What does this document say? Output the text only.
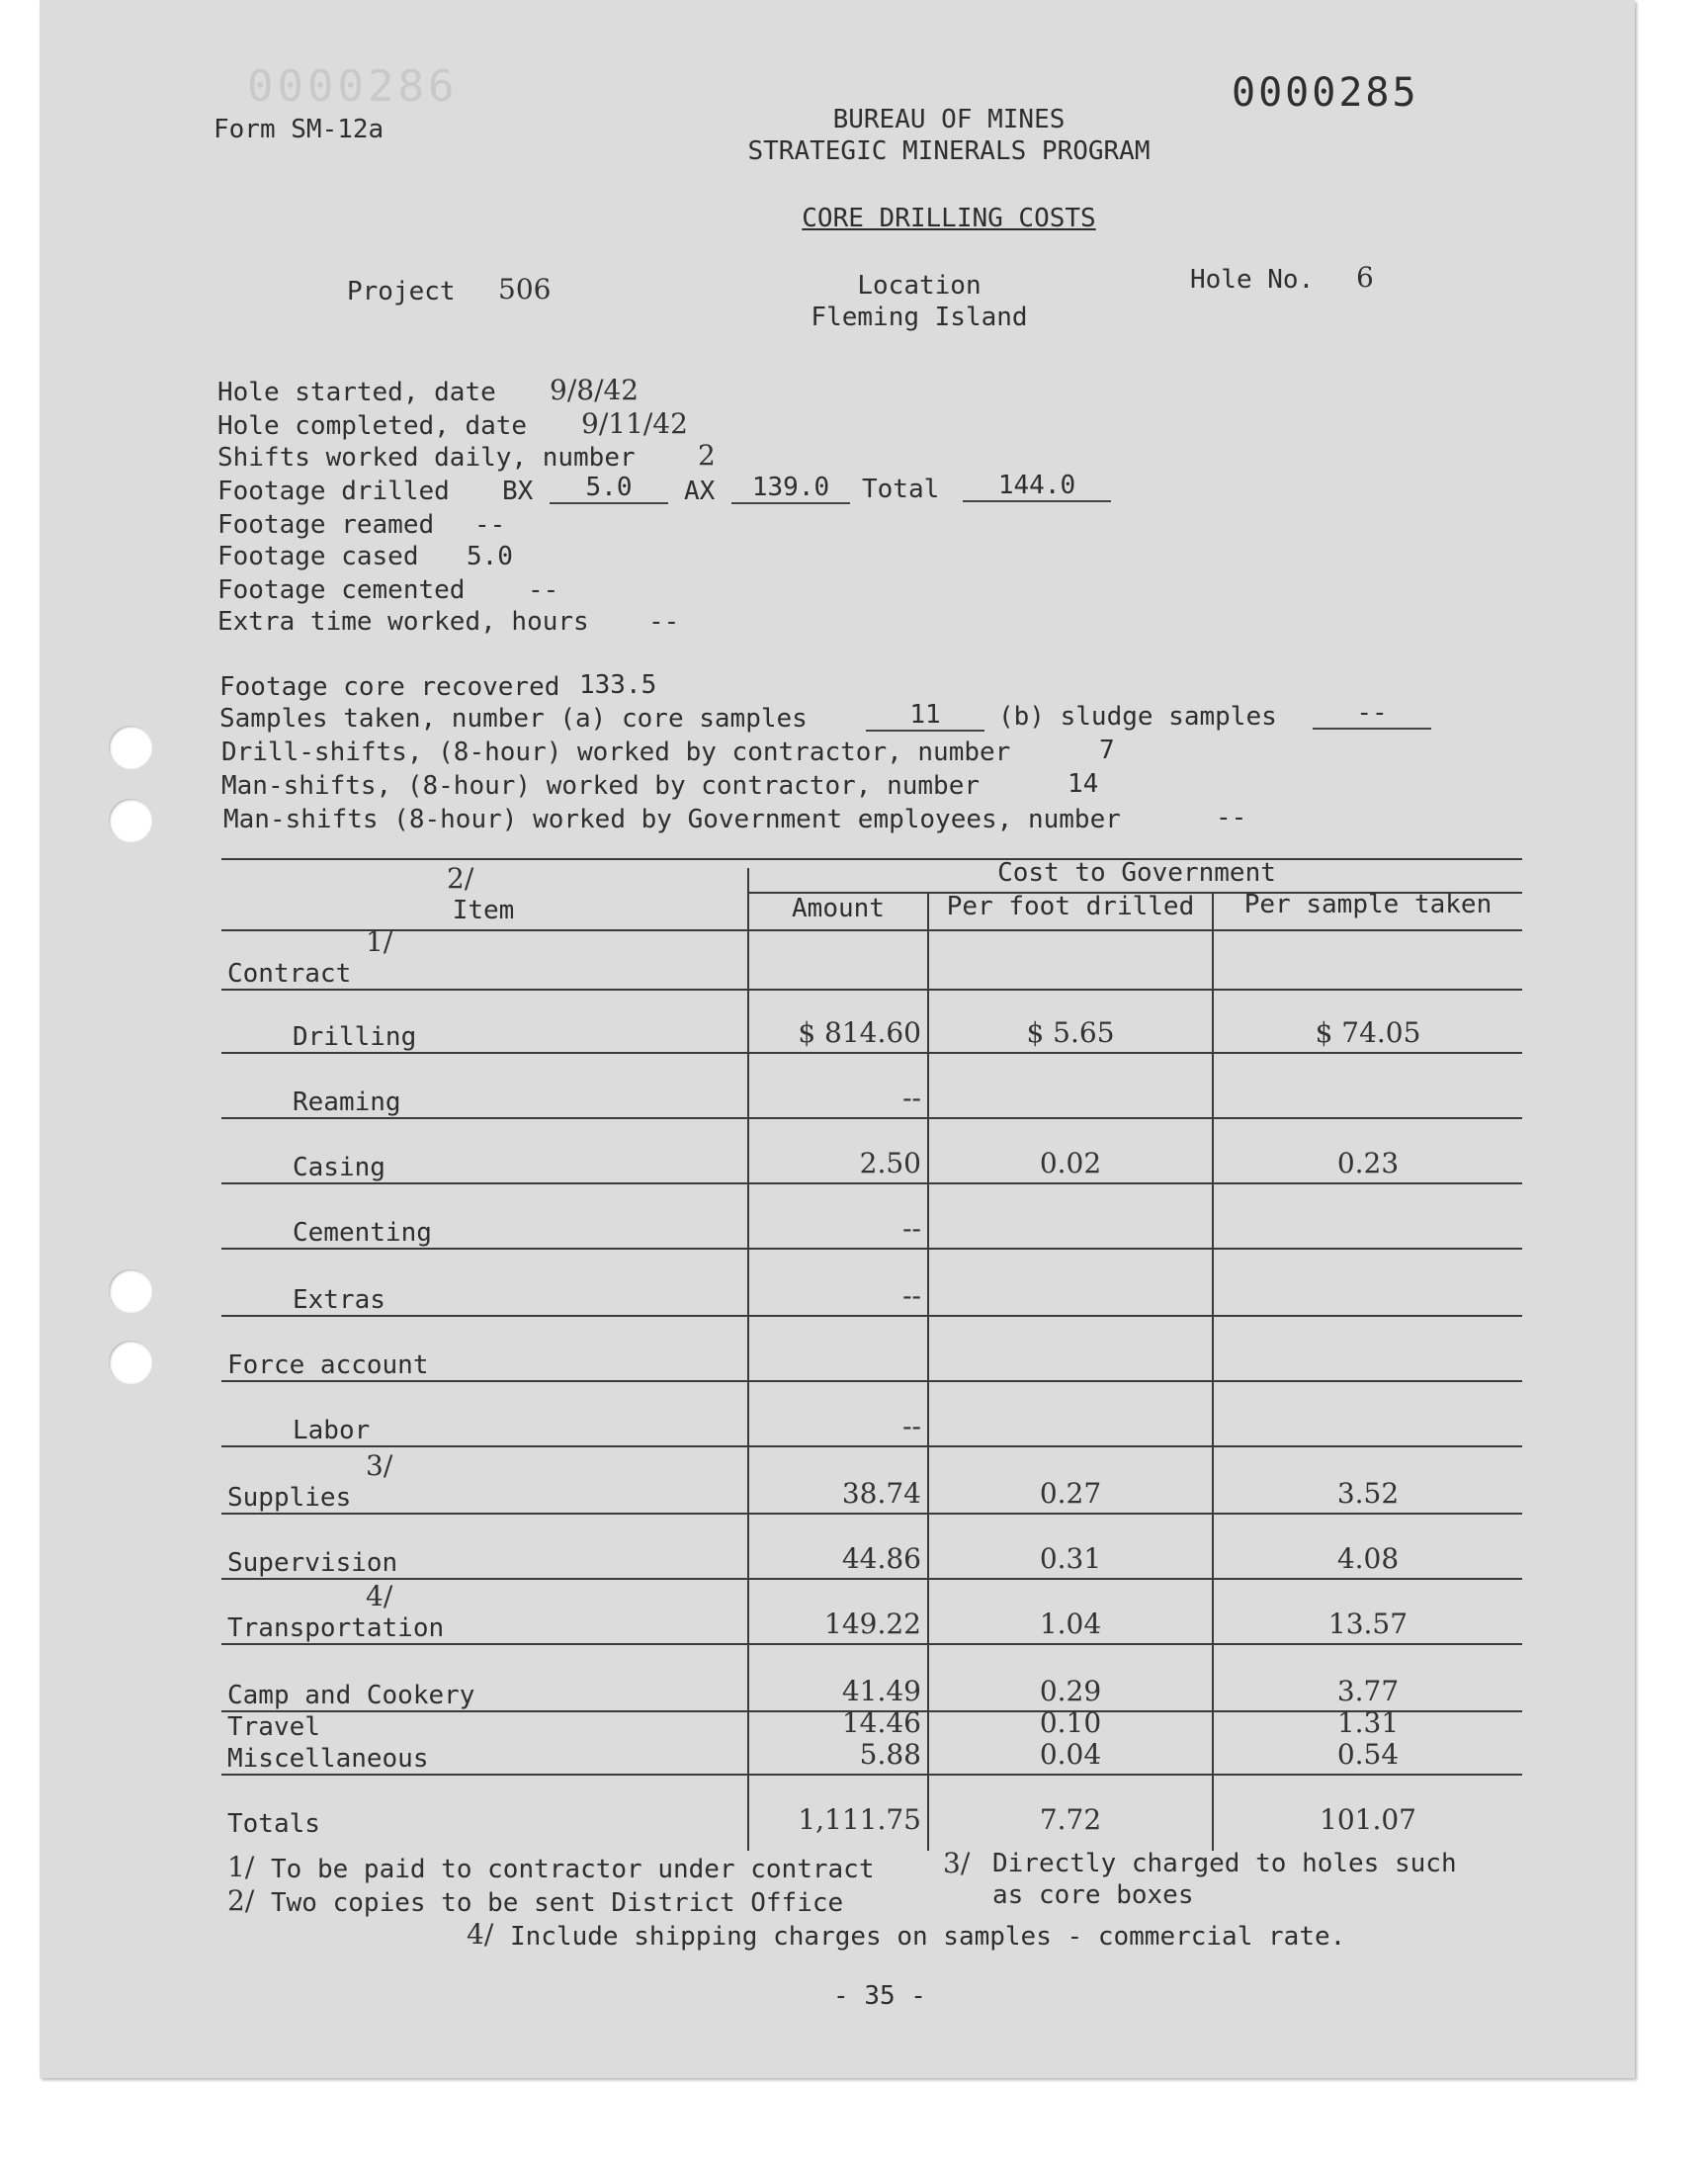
0000286	0000285
Form SM-12a	BUREAU OF MINES
STRATEGIC MINERALS PROGRAM
CORE DRILLING COSTS
Project 506	Location
Fleming Island
Hole No. 6
Hole started, date 9/8/42
Hole completed, date 9/11/42
Shifts worked daily, number 2
Footage drilled BX	5.0	AX	139.0	Total	144.0
Footage reamed --
Footage cased 5.0
Footage cemented --
Extra time worked, hours --
Footage core recovered 133.5
Samples taken, number (a) core samples	11	(b) sludge samples	--
Drill-shifts, (8-hour) worked by contractor, number	7
Man-shifts, (8-hour) worked by contractor, number	14
Man-shifts (8-hour) worked by Government employees, number	--
2/
Item
Cost to Government
Amount	Per foot drilled	Per sample taken
1/
Contract
Drilling	$ 814.60	$ 5.65	$ 74.05
Reaming	--
Casing	2.50	0.02	0.23
Cementing	--
Extras	--
Force account
Labor	--
3/
Supplies	38.74	0.27	3.52
Supervision	44.86	0.31	4.08
4/
Transportation	149.22	1.04	13.57
Camp and Cookery	41.49	0.29	3.77
Travel	14.46	0.10	1.31
Miscellaneous	5.88	0.04	0.54
Totals	1,111.75	7.72	101.07
1/ To be paid to contractor under contract
2/ Two copies to be sent District Office
3/ Directly charged to holes such
as core boxes
4/ Include shipping charges on samples - commercial rate.
- 35 -
